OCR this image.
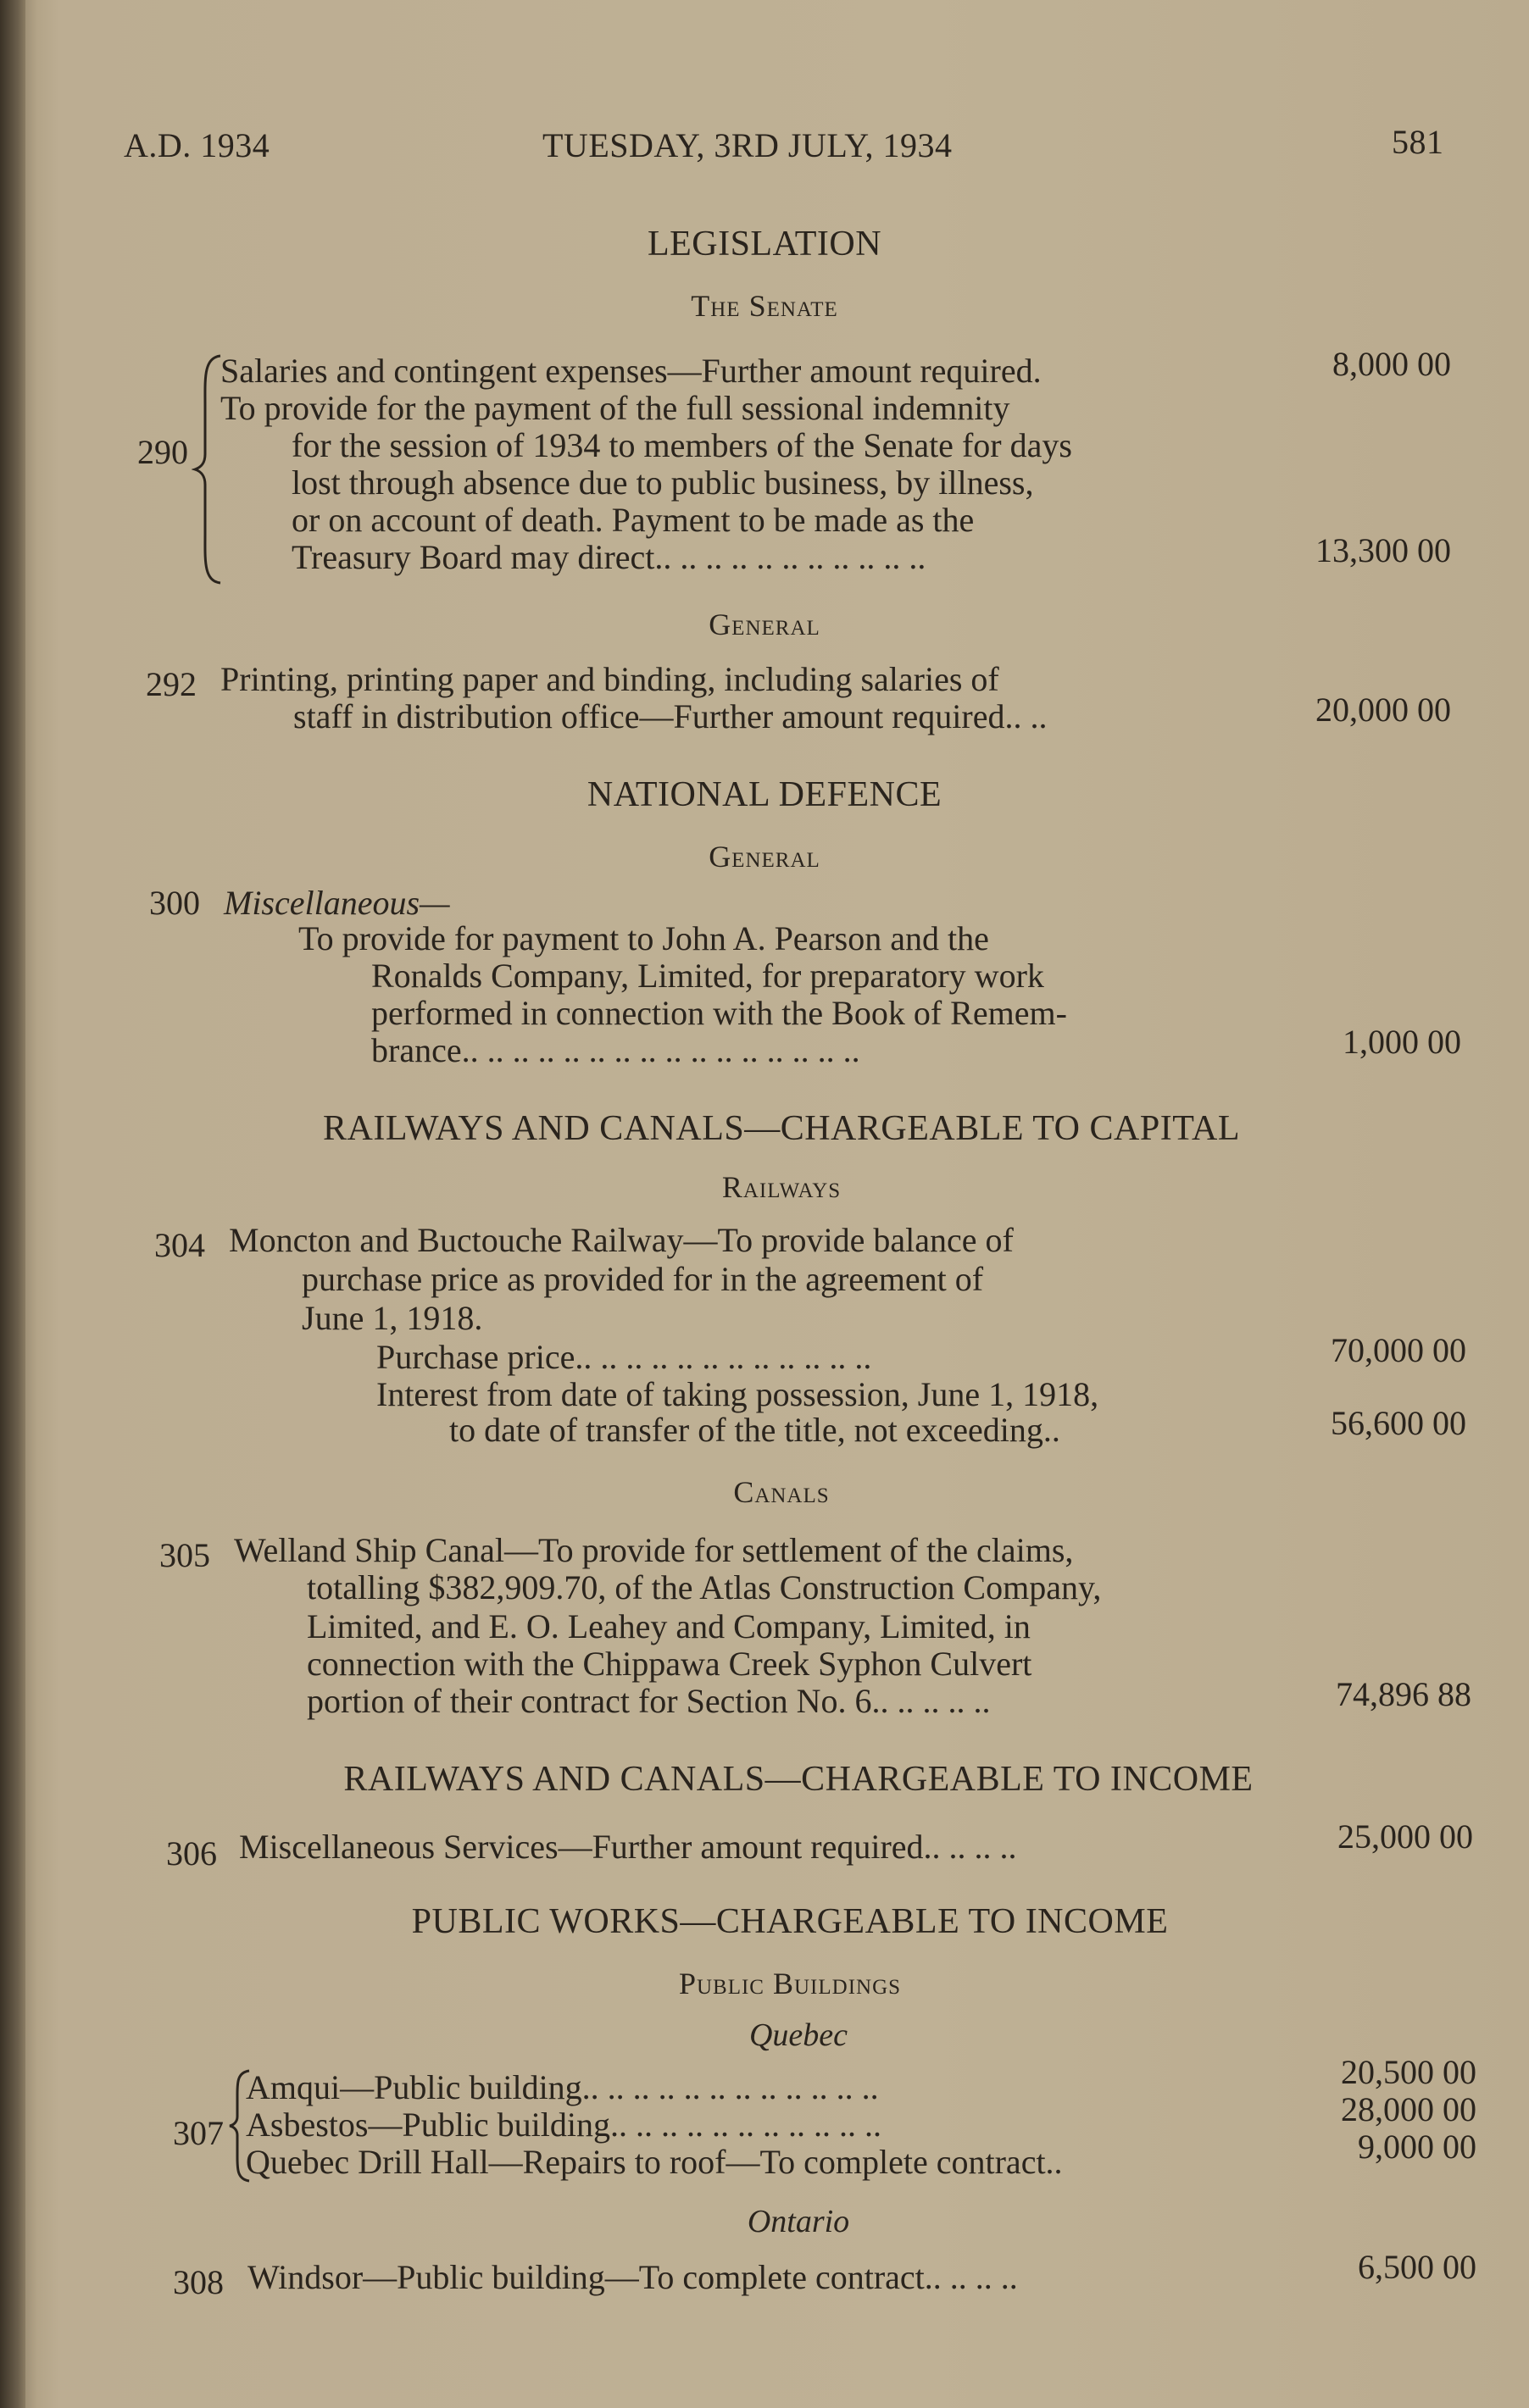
A.D. 1934	TUESDAY, 3RD JULY, 1934	581
LEGISLATION
The Senate
290
Salaries and contingent expenses—Further amount required.	8,000 00
To provide for the payment of the full sessional indemnity
for the session of 1934 to members of the Senate for days
lost through absence due to public business, by illness,
or on account of death. Payment to be made as the
Treasury Board may direct.. .. .. .. .. .. .. .. .. .. ..	13,300 00
General
292 Printing, printing paper and binding, including salaries of
staff in distribution office—Further amount required.. ..	20,000 00
NATIONAL DEFENCE
General
300 Miscellaneous—
To provide for payment to John A. Pearson and the
Ronalds Company, Limited, for preparatory work
performed in connection with the Book of Remem-
brance.. .. .. .. .. .. .. .. .. .. .. .. .. .. .. ..	1,000 00
RAILWAYS AND CANALS—CHARGEABLE TO CAPITAL
Railways
304 Moncton and Buctouche Railway—To provide balance of
purchase price as provided for in the agreement of
June 1, 1918.
Purchase price.. .. .. .. .. .. .. .. .. .. .. ..	70,000 00
Interest from date of taking possession, June 1, 1918,
to date of transfer of the title, not exceeding..	56,600 00
Canals
305 Welland Ship Canal—To provide for settlement of the claims,
totalling $382,909.70, of the Atlas Construction Company,
Limited, and E. O. Leahey and Company, Limited, in
connection with the Chippawa Creek Syphon Culvert
portion of their contract for Section No. 6.. .. .. .. ..	74,896 88
RAILWAYS AND CANALS—CHARGEABLE TO INCOME
306 Miscellaneous Services—Further amount required.. .. .. ..	25,000 00
PUBLIC WORKS—CHARGEABLE TO INCOME
Public Buildings
Quebec
307
Amqui—Public building.. .. .. .. .. .. .. .. .. .. .. ..	20,500 00
Asbestos—Public building.. .. .. .. .. .. .. .. .. .. ..	28,000 00
Quebec Drill Hall—Repairs to roof—To complete contract..	9,000 00
Ontario
308 Windsor—Public building—To complete contract.. .. .. ..	6,500 00
